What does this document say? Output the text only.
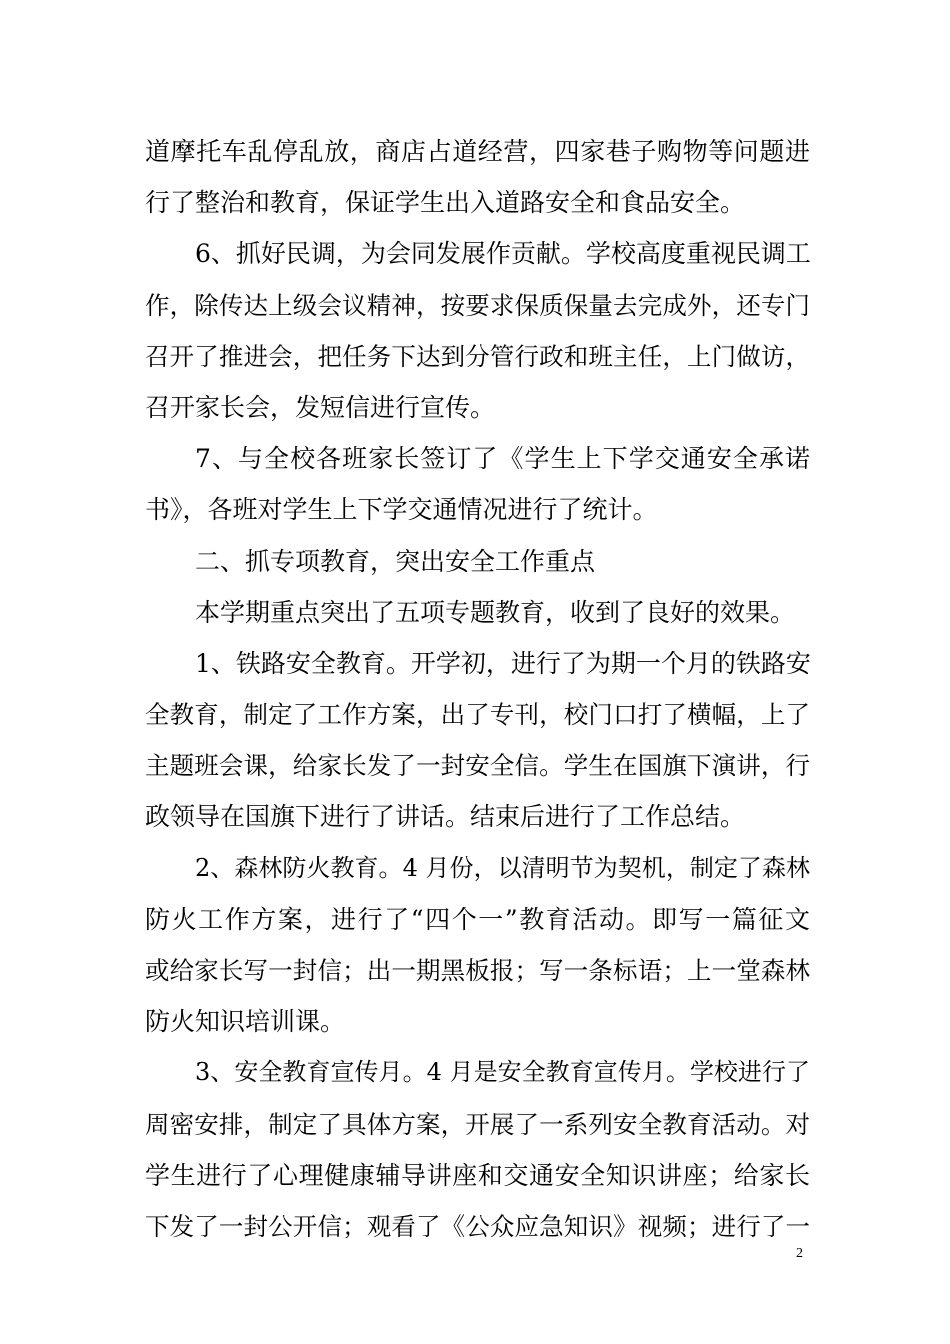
道摩托车乱停乱放，商店占道经营，四家巷子购物等问题进
行了整治和教育，保证学生出入道路安全和食品安全。
6、抓好民调，为会同发展作贡献。学校高度重视民调工
作，除传达上级会议精神，按要求保质保量去完成外，还专门
召开了推进会，把任务下达到分管行政和班主任，上门做访，
召开家长会，发短信进行宣传。
7、与全校各班家长签订了《学生上下学交通安全承诺
书》，各班对学生上下学交通情况进行了统计。
二、抓专项教育，突出安全工作重点
本学期重点突出了五项专题教育，收到了良好的效果。
1、铁路安全教育。开学初，进行了为期一个月的铁路安
全教育，制定了工作方案，出了专刊，校门口打了横幅，上了
主题班会课，给家长发了一封安全信。学生在国旗下演讲，行
政领导在国旗下进行了讲话。结束后进行了工作总结。
2、森林防火教育。4 月份，以清明节为契机，制定了森林
防火工作方案，进行了“四个一”教育活动。即写一篇征文
或给家长写一封信；出一期黑板报；写一条标语；上一堂森林
防火知识培训课。
3、安全教育宣传月。4 月是安全教育宣传月。学校进行了
周密安排，制定了具体方案，开展了一系列安全教育活动。对
学生进行了心理健康辅导讲座和交通安全知识讲座；给家长
下发了一封公开信；观看了《公众应急知识》视频；进行了一
2
